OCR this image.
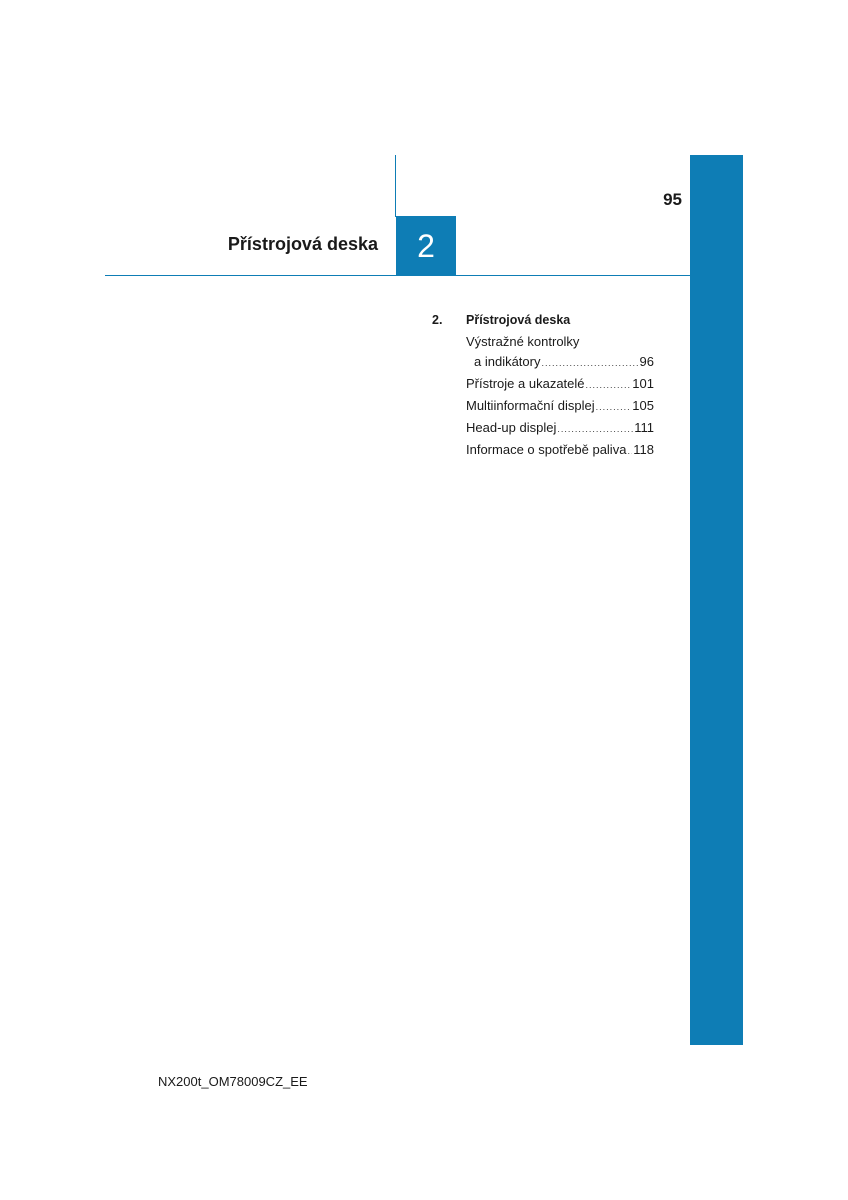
95
Přístrojová deska	2
2.	Přístrojová deska
Výstražné kontrolky
a indikátory .....	96
Přístroje a ukazatelé .....	101
Multiinformační displej .....	105
Head-up displej .....	111
Informace o spotřebě paliva ..... 118
NX200t_OM78009CZ_EE
